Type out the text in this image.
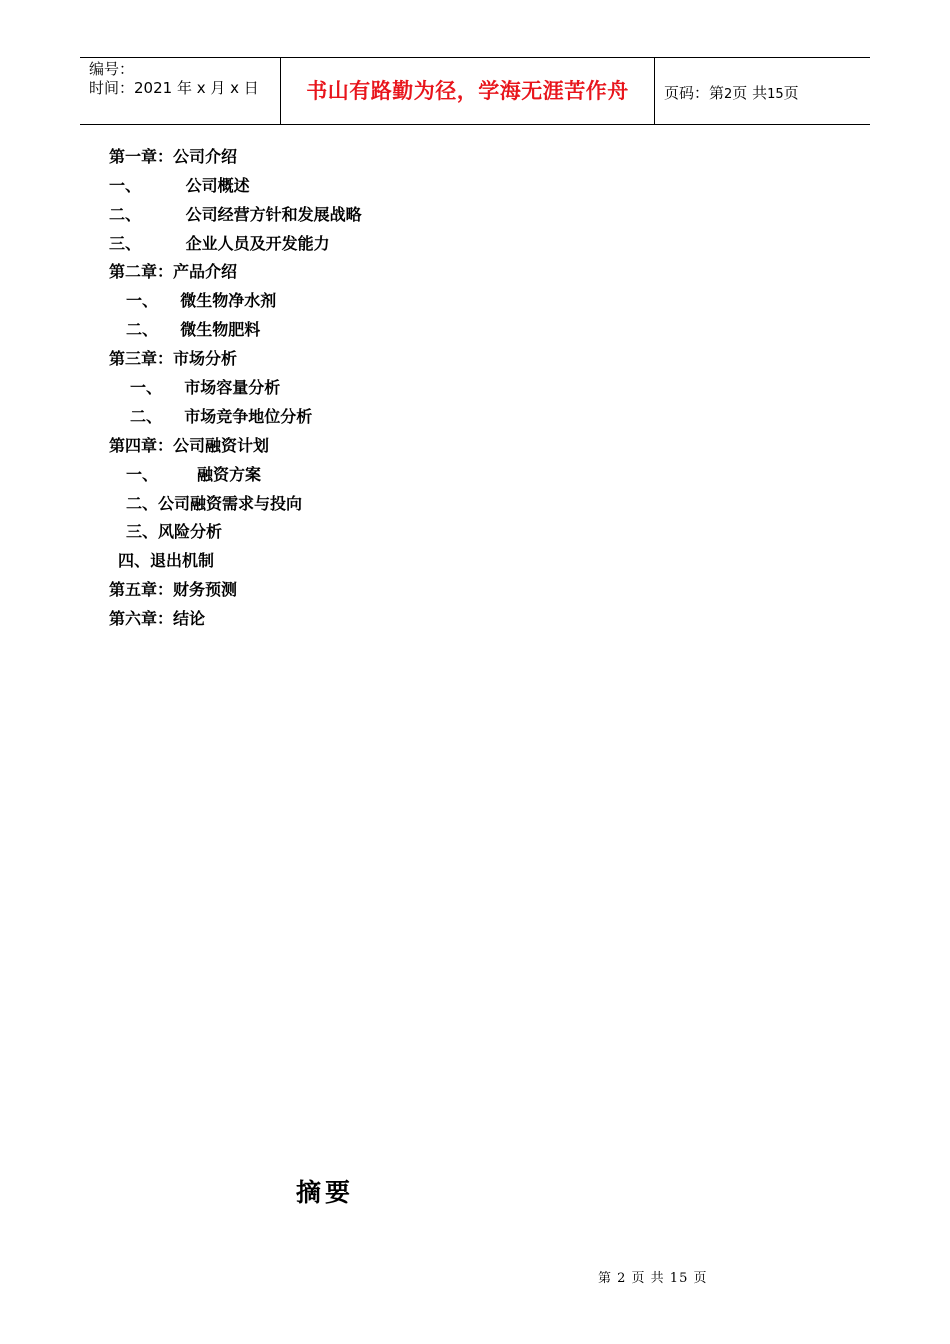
编号：
时间：2021 年 x 月 x 日	书山有路勤为径，学海无涯苦作舟	页码：第2页 共15页
第一章：公司介绍
一、        公司概述
二、        公司经营方针和发展战略
三、        企业人员及开发能力
第二章：产品介绍
一、    微生物净水剂
二、    微生物肥料
第三章：市场分析
一、    市场容量分析
二、    市场竞争地位分析
第四章：公司融资计划
一、       融资方案
二、公司融资需求与投向
三、风险分析
四、退出机制
第五章：财务预测
第六章：结论
摘要
第 2 页 共 15 页
